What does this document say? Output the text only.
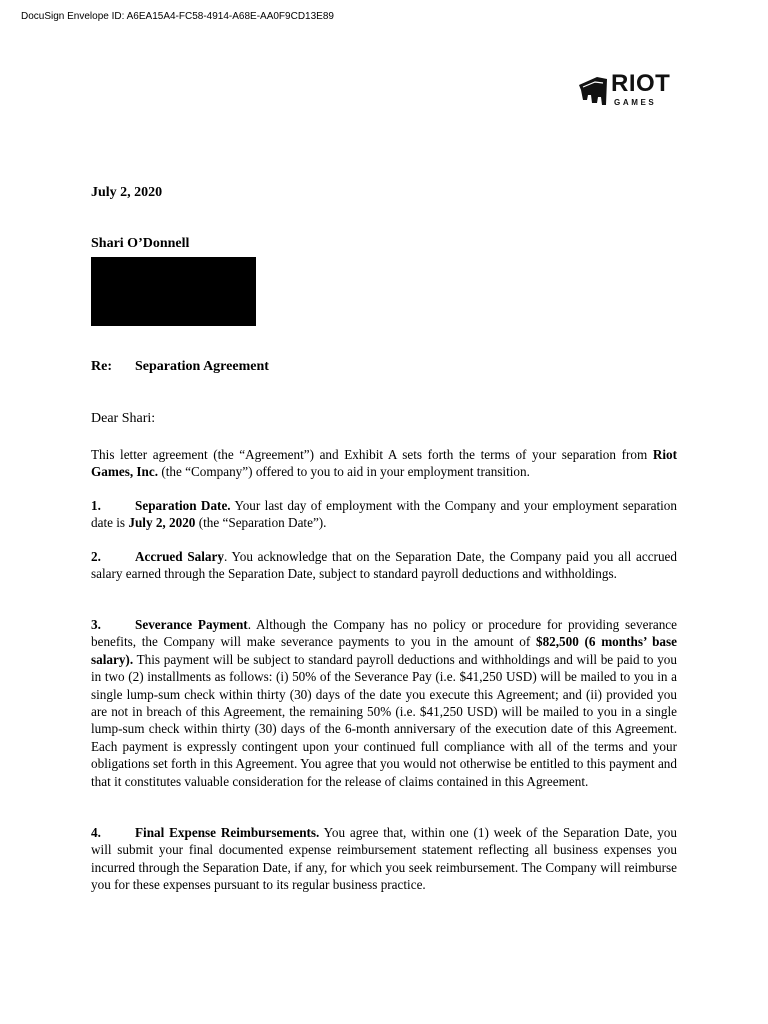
DocuSign Envelope ID: A6EA15A4-FC58-4914-A68E-AA0F9CD13E89
RIOT
GAMES
July 2, 2020
Shari O’Donnell
Re: Separation Agreement
Dear Shari:
This letter agreement (the “Agreement”) and Exhibit A sets forth the terms of your separation from Riot Games, Inc. (the “Company”) offered to you to aid in your employment transition.
1.	Separation Date. Your last day of employment with the Company and your employment separation date is July 2, 2020 (the “Separation Date”).
2.	Accrued Salary. You acknowledge that on the Separation Date, the Company paid you all accrued salary earned through the Separation Date, subject to standard payroll deductions and withholdings.
3.	Severance Payment. Although the Company has no policy or procedure for providing severance benefits, the Company will make severance payments to you in the amount of $82,500 (6 months’ base salary). This payment will be subject to standard payroll deductions and withholdings and will be paid to you in two (2) installments as follows: (i) 50% of the Severance Pay (i.e. $41,250 USD) will be mailed to you in a single lump-sum check within thirty (30) days of the date you execute this Agreement; and (ii) provided you are not in breach of this Agreement, the remaining 50% (i.e. $41,250 USD) will be mailed to you in a single lump-sum check within thirty (30) days of the 6-month anniversary of the execution date of this Agreement. Each payment is expressly contingent upon your continued full compliance with all of the terms and your obligations set forth in this Agreement. You agree that you would not otherwise be entitled to this payment and that it constitutes valuable consideration for the release of claims contained in this Agreement.
4.	Final Expense Reimbursements. You agree that, within one (1) week of the Separation Date, you will submit your final documented expense reimbursement statement reflecting all business expenses you incurred through the Separation Date, if any, for which you seek reimbursement. The Company will reimburse you for these expenses pursuant to its regular business practice.
